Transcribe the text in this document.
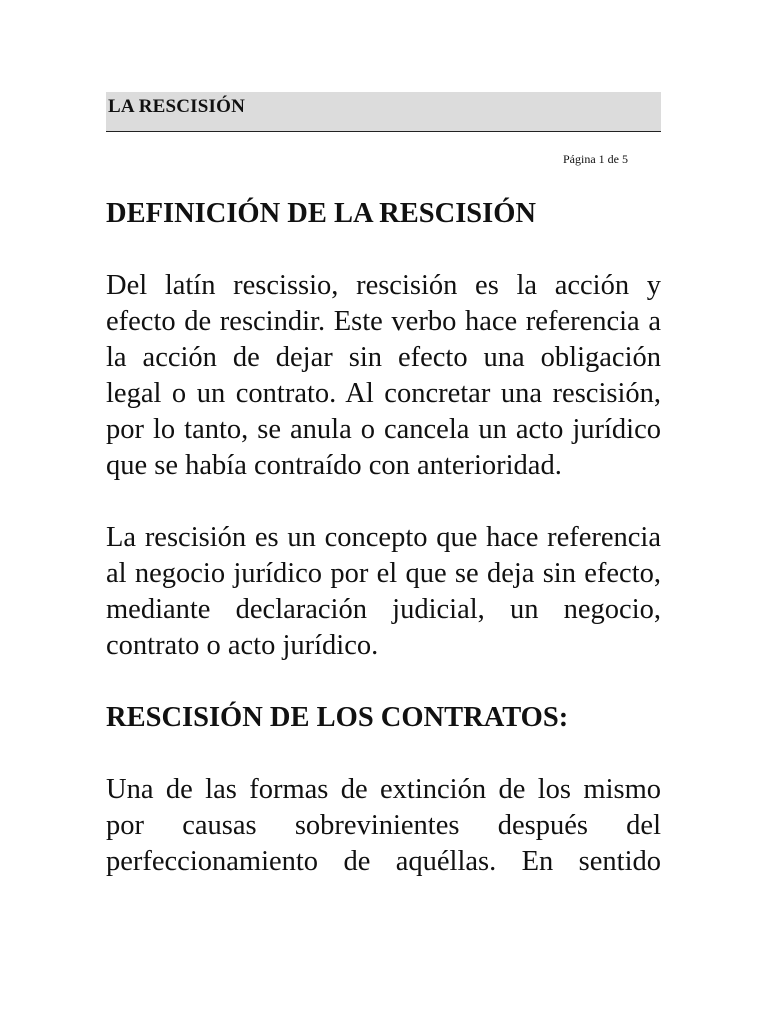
LA RESCISIÓN
Página 1 de 5
DEFINICIÓN DE LA RESCISIÓN

Del latín rescissio, rescisión es la acción y efecto de rescindir. Este verbo hace referencia a la acción de dejar sin efecto una obligación legal o un contrato. Al concretar una rescisión, por lo tanto, se anula o cancela un acto jurídico que se había contraído con anterioridad.

La rescisión es un concepto que hace referencia al negocio jurídico por el que se deja sin efecto, mediante declaración judicial, un negocio, contrato o acto jurídico.

RESCISIÓN DE LOS CONTRATOS:

Una de las formas de extinción de los mismo por causas sobrevinientes después del perfeccionamiento de aquéllas. En sentido
